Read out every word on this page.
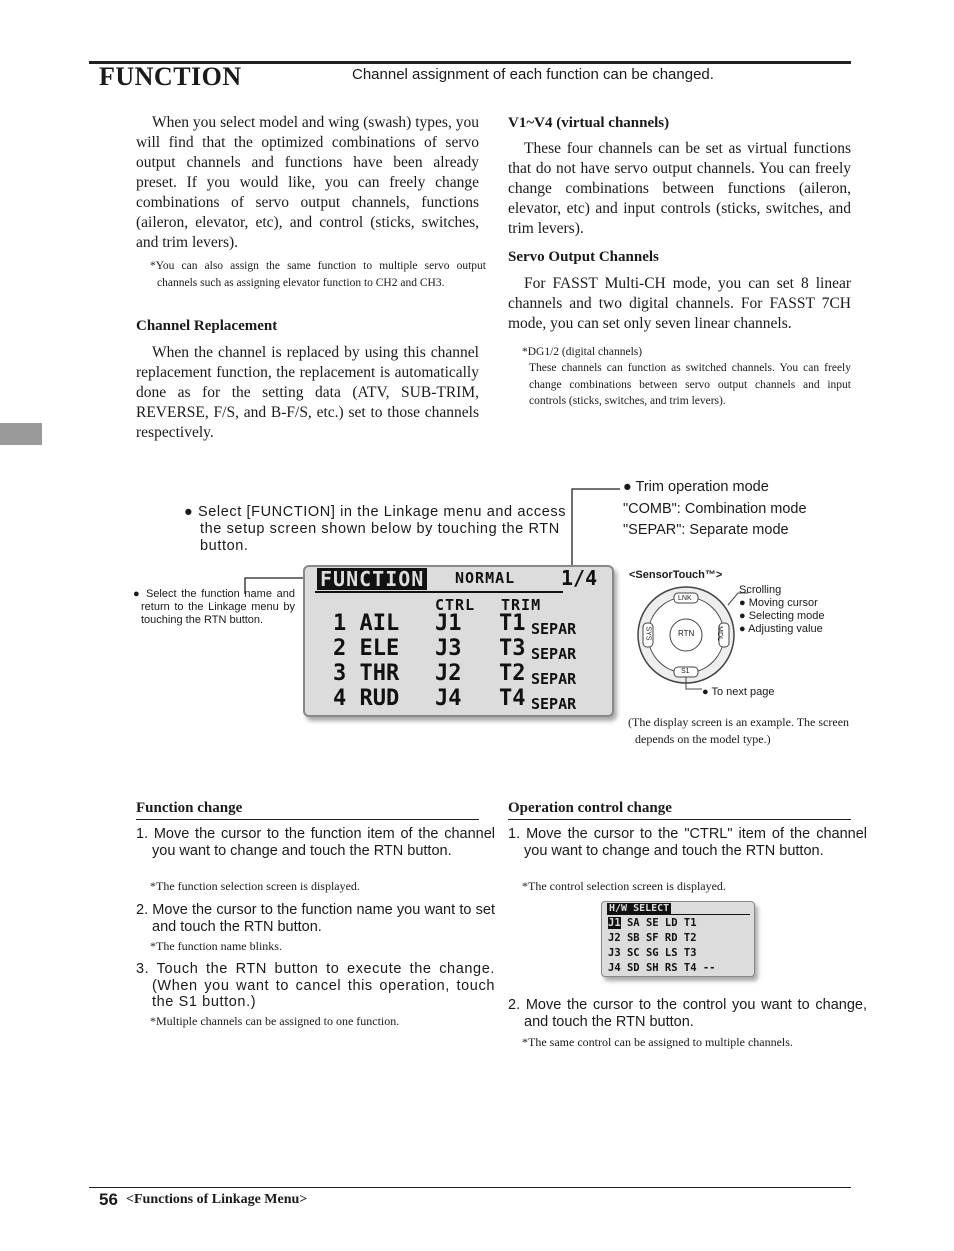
FUNCTION	Channel assignment of each function can be changed.
When you select model and wing (swash) types, you will find that the optimized combinations of servo output channels and functions have been already preset. If you would like, you can freely change combinations of servo output channels, functions (aileron, elevator, etc), and control (sticks, switches, and trim levers).
*You can also assign the same function to multiple servo output channels such as assigning elevator function to CH2 and CH3.
Channel Replacement
When the channel is replaced by using this channel replacement function, the replacement is automatically done as for the setting data (ATV, SUB-TRIM, REVERSE, F/S, and B-F/S, etc.) set to those channels respectively.
V1~V4 (virtual channels)
These four channels can be set as virtual functions that do not have servo output channels. You can freely change combinations between functions (aileron, elevator, etc) and input controls (sticks, switches, and trim levers).
Servo Output Channels
For FASST Multi-CH mode, you can set 8 linear channels and two digital channels. For FASST 7CH mode, you can set only seven linear channels.
*DG1/2 (digital channels)
These channels can function as switched channels. You can freely change combinations between servo output channels and input controls (sticks, switches, and trim levers).
● Select [FUNCTION] in the Linkage menu and access the setup screen shown below by touching the RTN button.
● Trim operation mode
"COMB": Combination mode
"SEPAR": Separate mode
● Select the function name and return to the Linkage menu by touching the RTN button.
FUNCTION NORMAL 1/4
CTRL TRIM
1 AIL
2 ELE
3 THR
4 RUD
J1
J3
J2
J4
T1
T3
T2
T4
SEPAR
SEPAR
SEPAR
SEPAR
<SensorTouch™>
RTN
LNK
S1
SYS	MDL
Scrolling
● Moving cursor
● Selecting mode
● Adjusting value
● To next page
(The display screen is an example. The screen depends on the model type.)
Function change
1. Move the cursor to the function item of the channel you want to change and touch the RTN button.
*The function selection screen is displayed.
2. Move the cursor to the function name you want to set and touch the RTN button.
*The function name blinks.
3. Touch the RTN button to execute the change. (When you want to cancel this operation, touch the S1 button.)
*Multiple channels can be assigned to one function.
Operation control change
1. Move the cursor to the "CTRL" item of the channel you want to change and touch the RTN button.
*The control selection screen is displayed.
H/W SELECT
J1 SA SE LD T1
J2 SB SF RD T2
J3 SC SG LS T3
J4 SD SH RS T4 --
2. Move the cursor to the control you want to change, and touch the RTN button.
*The same control can be assigned to multiple channels.
56 <Functions of Linkage Menu>
